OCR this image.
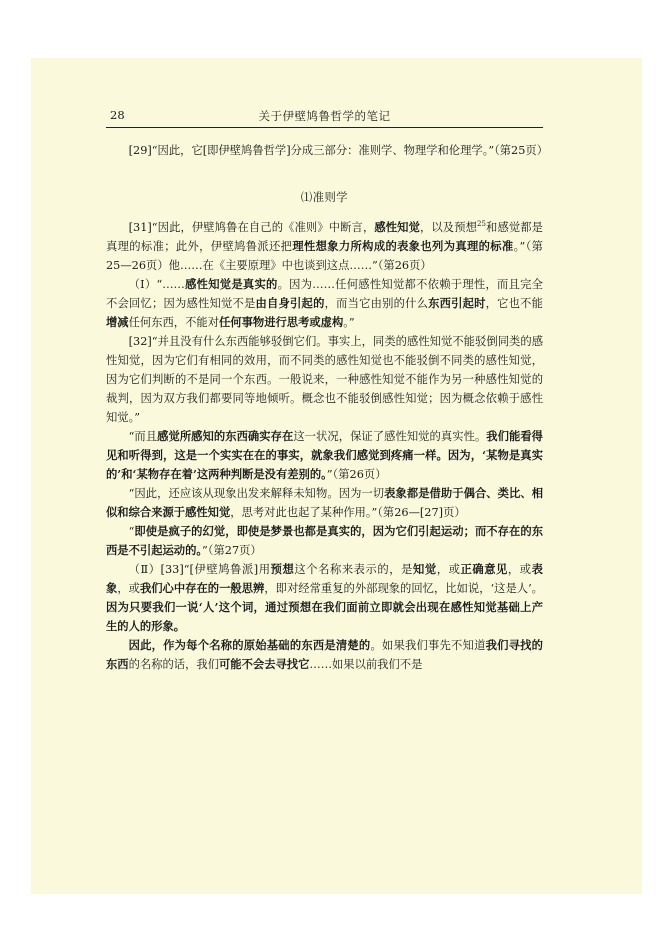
28	关于伊壁鸠鲁哲学的笔记

[29]“因此，它[即伊壁鸠鲁哲学]分成三部分：准则学、物理学和伦理学。”（第25页）

⑴准则学

[31]“因此，伊壁鸠鲁在自己的《准则》中断言，感性知觉，以及预想$^{25}$和感觉都是真理的标准；此外，伊壁鸠鲁派还把理性想象力所构成的表象也列为真理的标准。”（第25—26页）他……在《主要原理》中也谈到这点……”（第26页）

（Ⅰ）“……感性知觉是真实的。因为……任何感性知觉都不依赖于理性，而且完全不会回忆；因为感性知觉不是由自身引起的，而当它由别的什么东西引起时，它也不能增减任何东西，不能对任何事物进行思考或虚构。”

[32]“并且没有什么东西能够驳倒它们。事实上，同类的感性知觉不能驳倒同类的感性知觉，因为它们有相同的效用，而不同类的感性知觉也不能驳倒不同类的感性知觉，因为它们判断的不是同一个东西。一般说来，一种感性知觉不能作为另一种感性知觉的裁判，因为双方我们都要同等地倾听。概念也不能驳倒感性知觉；因为概念依赖于感性知觉。”

“而且感觉所感知的东西确实存在这一状况，保证了感性知觉的真实性。我们能看得见和听得到，这是一个实实在在的事实，就象我们感觉到疼痛一样。因为，‘某物是真实的’和‘某物存在着’这两种判断是没有差别的。”（第26页）

“因此，还应该从现象出发来解释未知物。因为一切表象都是借助于偶合、类比、相似和综合来源于感性知觉，思考对此也起了某种作用。”（第26—[27]页）

“即使是疯子的幻觉，即使是梦景也都是真实的，因为它们引起运动；而不存在的东西是不引起运动的。”（第27页）

（Ⅱ）[33]“[伊壁鸠鲁派]用预想这个名称来表示的，是知觉，或正确意见，或表象，或我们心中存在的一般思辨，即对经常重复的外部现象的回忆，比如说，‘这是人’。因为只要我们一说‘人’这个词，通过预想在我们面前立即就会出现在感性知觉基础上产生的人的形象。

因此，作为每个名称的原始基础的东西是清楚的。如果我们事先不知道我们寻找的东西的名称的话，我们可能不会去寻找它……如果以前我们不是
